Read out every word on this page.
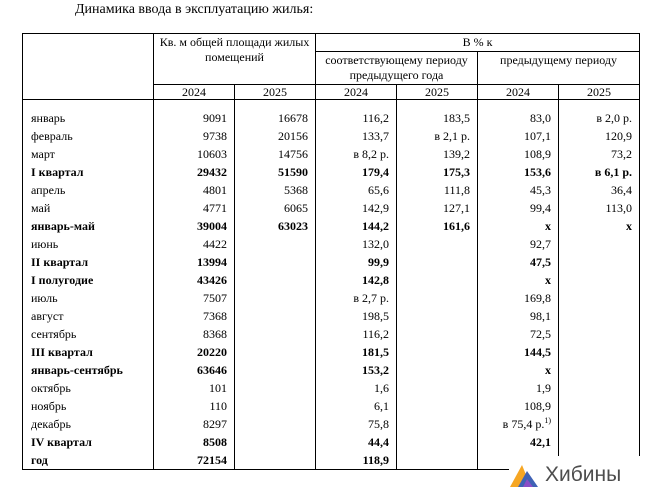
Динамика ввода в эксплуатацию жилья:
	Кв. м общей площади жилых помещений		В % к			
			соответствующему периоду предыдущего года		предыдущему периоду	
	2024	2025	2024	2025	2024	2025

январь	9091	16678	116,2	183,5	83,0	в 2,0 р.
февраль	9738	20156	133,7	в 2,1 р.	107,1	120,9
март	10603	14756	в 8,2 р.	139,2	108,9	73,2
I квартал	29432	51590	179,4	175,3	153,6	в 6,1 р.
апрель	4801	5368	65,6	111,8	45,3	36,4
май	4771	6065	142,9	127,1	99,4	113,0
январь-май	39004	63023	144,2	161,6	x	x
июнь	4422		132,0		92,7	
II квартал	13994		99,9		47,5	
I полугодие	43426		142,8		x	
июль	7507		в 2,7 р.		169,8	
август	7368		198,5		98,1	
сентябрь	8368		116,2		72,5	
III квартал	20220		181,5		144,5	
январь-сентябрь	63646		153,2		x	
октябрь	101		1,6		1,9	
ноябрь	110		6,1		108,9	
декабрь	8297		75,8		в 75,4 р.$^{1)}$	
IV квартал	8508		44,4		42,1	
год	72154		118,9			
Хибины
